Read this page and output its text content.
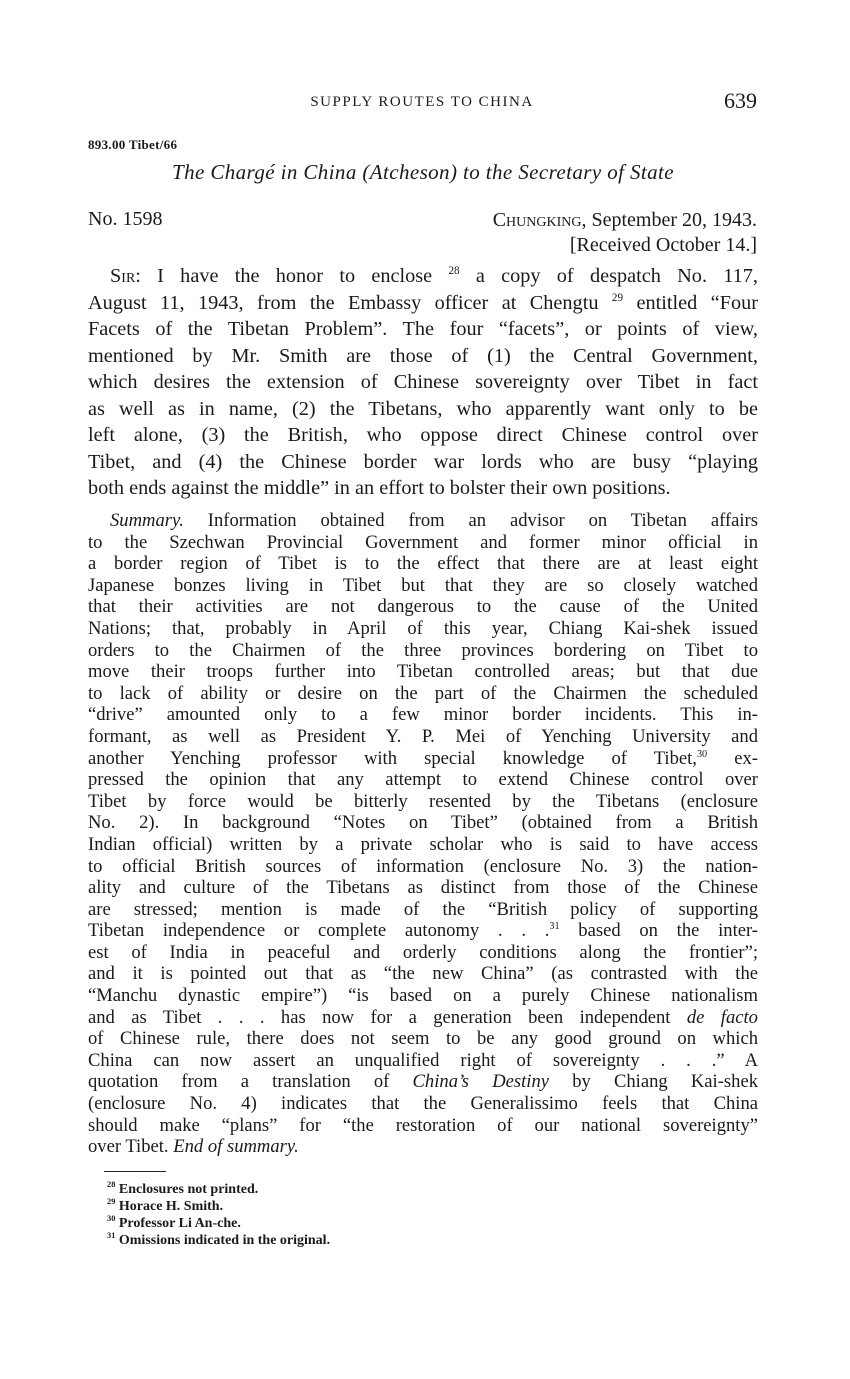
SUPPLY ROUTES TO CHINA	639
893.00 Tibet/66
The Chargé in China (Atcheson) to the Secretary of State
No. 1598	Chungking, September 20, 1943.
[Received October 14.]
Sir: I have the honor to enclose $^{28}$ a copy of despatch No. 117,
August 11, 1943, from the Embassy officer at Chengtu $^{29}$ entitled “Four
Facets of the Tibetan Problem”. The four “facets”, or points of view,
mentioned by Mr. Smith are those of (1) the Central Government,
which desires the extension of Chinese sovereignty over Tibet in fact
as well as in name, (2) the Tibetans, who apparently want only to be
left alone, (3) the British, who oppose direct Chinese control over
Tibet, and (4) the Chinese border war lords who are busy “playing
both ends against the middle” in an effort to bolster their own positions.
Summary. Information obtained from an advisor on Tibetan affairs
to the Szechwan Provincial Government and former minor official in
a border region of Tibet is to the effect that there are at least eight
Japanese bonzes living in Tibet but that they are so closely watched
that their activities are not dangerous to the cause of the United
Nations; that, probably in April of this year, Chiang Kai-shek issued
orders to the Chairmen of the three provinces bordering on Tibet to
move their troops further into Tibetan controlled areas; but that due
to lack of ability or desire on the part of the Chairmen the scheduled
“drive” amounted only to a few minor border incidents. This in-
formant, as well as President Y. P. Mei of Yenching University and
another Yenching professor with special knowledge of Tibet,$^{30}$ ex-
pressed the opinion that any attempt to extend Chinese control over
Tibet by force would be bitterly resented by the Tibetans (enclosure
No. 2). In background “Notes on Tibet” (obtained from a British
Indian official) written by a private scholar who is said to have access
to official British sources of information (enclosure No. 3) the nation-
ality and culture of the Tibetans as distinct from those of the Chinese
are stressed; mention is made of the “British policy of supporting
Tibetan independence or complete autonomy . . .$^{31}$ based on the inter-
est of India in peaceful and orderly conditions along the frontier”;
and it is pointed out that as “the new China” (as contrasted with the
“Manchu dynastic empire”) “is based on a purely Chinese nationalism
and as Tibet . . . has now for a generation been independent de facto
of Chinese rule, there does not seem to be any good ground on which
China can now assert an unqualified right of sovereignty . . .” A
quotation from a translation of China’s Destiny by Chiang Kai-shek
(enclosure No. 4) indicates that the Generalissimo feels that China
should make “plans” for “the restoration of our national sovereignty”
over Tibet. End of summary.
$^{28}$ Enclosures not printed.
$^{29}$ Horace H. Smith.
$^{30}$ Professor Li An-che.
$^{31}$ Omissions indicated in the original.
